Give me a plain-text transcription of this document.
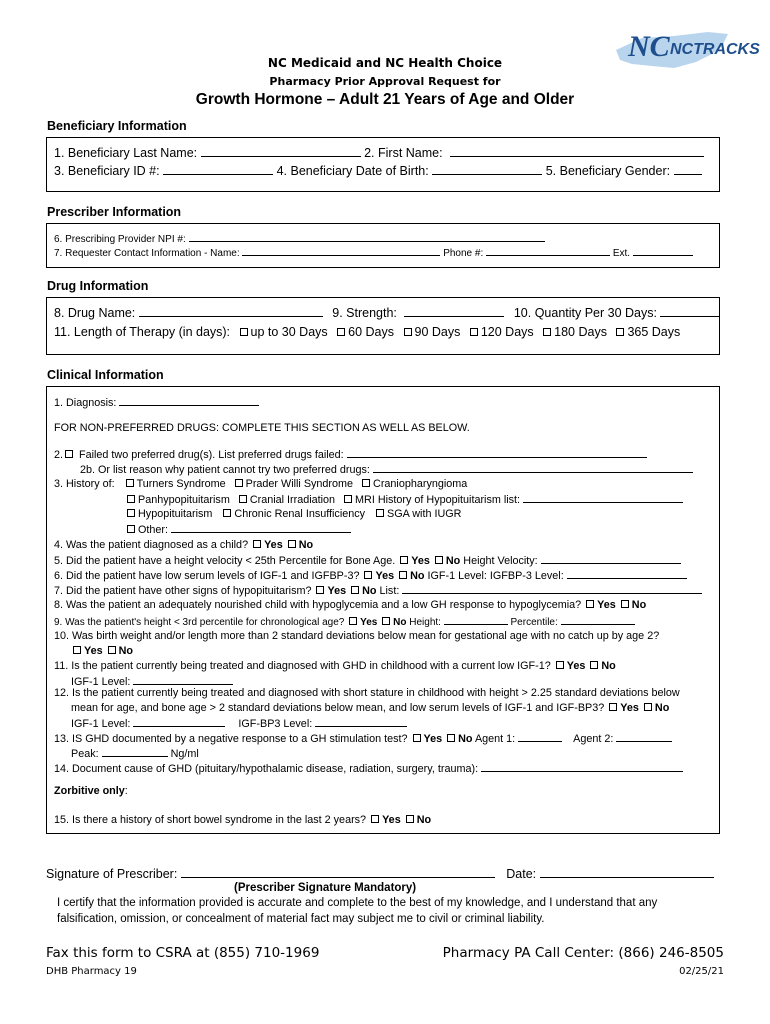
NC Medicaid and NC Health Choice
Pharmacy Prior Approval Request for
Growth Hormone – Adult 21 Years of Age and Older
NC NCTRACKS
Beneficiary Information
1. Beneficiary Last Name:	2. First Name:
3. Beneficiary ID #:	4. Beneficiary Date of Birth:	5. Beneficiary Gender:
Prescriber Information
6. Prescribing Provider NPI #:
7. Requester Contact Information - Name:	Phone #:	Ext.
Drug Information
8. Drug Name:	9. Strength:	10. Quantity Per 30 Days:
11. Length of Therapy (in days): up to 30 Days 60 Days 90 Days 120 Days 180 Days 365 Days
Clinical Information
1. Diagnosis:
FOR NON-PREFERRED DRUGS: COMPLETE THIS SECTION AS WELL AS BELOW.
2. Failed two preferred drug(s). List preferred drugs failed:
2b. Or list reason why patient cannot try two preferred drugs:
3. History of: Turners Syndrome Prader Willi Syndrome Craniopharyngioma
Panhypopituitarism Cranial Irradiation MRI History of Hypopituitarism list:
Hypopituitarism Chronic Renal Insufficiency SGA with IUGR
Other:
4. Was the patient diagnosed as a child? Yes No
5. Did the patient have a height velocity < 25th Percentile for Bone Age. Yes No Height Velocity:
6. Did the patient have low serum levels of IGF-1 and IGFBP-3? Yes No IGF-1 Level: IGFBP-3 Level:
7. Did the patient have other signs of hypopituitarism? Yes No List:
8. Was the patient an adequately nourished child with hypoglycemia and a low GH response to hypoglycemia? Yes No
9. Was the patient's height < 3rd percentile for chronological age? Yes No Height:	Percentile:
10. Was birth weight and/or length more than 2 standard deviations below mean for gestational age with no catch up by age 2?
Yes No
11. Is the patient currently being treated and diagnosed with GHD in childhood with a current low IGF-1? Yes No
IGF-1 Level:
12. Is the patient currently being treated and diagnosed with short stature in childhood with height > 2.25 standard deviations below
mean for age, and bone age > 2 standard deviations below mean, and low serum levels of IGF-1 and IGF-BP3? Yes No
IGF-1 Level:	IGF-BP3 Level:
13. IS GHD documented by a negative response to a GH stimulation test? Yes No Agent 1:	Agent 2:
Peak:	Ng/ml
14. Document cause of GHD (pituitary/hypothalamic disease, radiation, surgery, trauma):
Zorbitive only:
15. Is there a history of short bowel syndrome in the last 2 years? Yes No
Signature of Prescriber:	Date:
(Prescriber Signature Mandatory)
I certify that the information provided is accurate and complete to the best of my knowledge, and I understand that any
falsification, omission, or concealment of material fact may subject me to civil or criminal liability.
Fax this form to CSRA at (855) 710-1969	Pharmacy PA Call Center: (866) 246-8505
DHB Pharmacy 19	02/25/21
